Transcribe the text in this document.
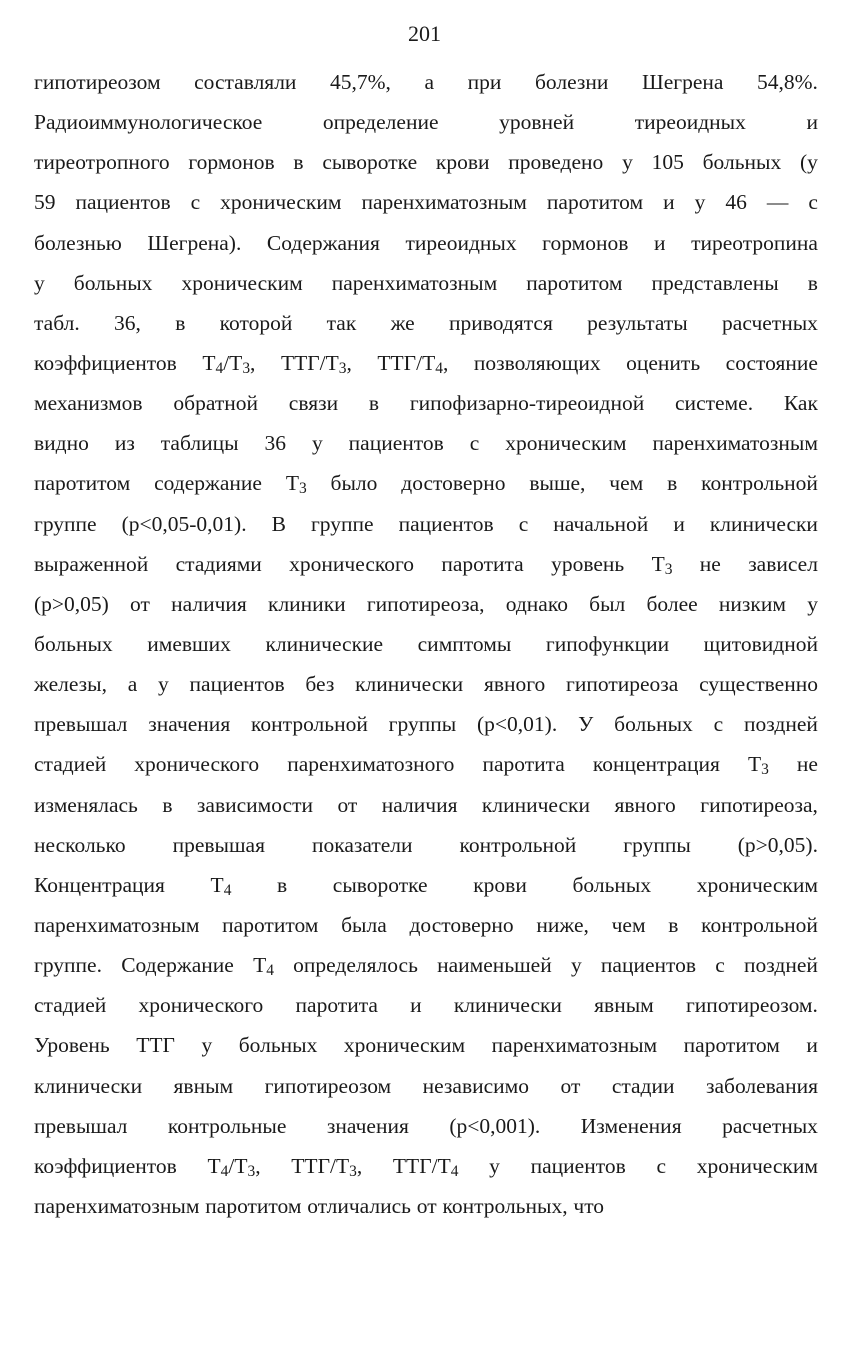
201
гипотиреозом составляли 45,7%, а при болезни Шегрена 54,8%.
Радиоиммунологическое	определение	уровней	тиреоидных	и
тиреотропного гормонов в сыворотке крови проведено у 105 больных (у
59 пациентов с хроническим паренхиматозным паротитом и у 46 — с
болезнью Шегрена). Содержания тиреоидных гормонов и тиреотропина
у больных хроническим паренхиматозным паротитом представлены в
табл. 36, в которой так же приводятся результаты расчетных
коэффициентов $Т_4/Т_3$, ТТГ/$Т_3$, ТТГ/$Т_4$, позволяющих оценить состояние
механизмов обратной связи в гипофизарно-тиреоидной системе. Как
видно из таблицы 36 у пациентов с хроническим паренхиматозным
паротитом содержание $Т_3$ было достоверно выше, чем в контрольной
группе (р<0,05-0,01). В группе пациентов с начальной и клинически
выраженной стадиями хронического паротита уровень $Т_3$ не зависел
(р>0,05) от наличия клиники гипотиреоза, однако был более низким у
больных имевших клинические симптомы гипофункции щитовидной
железы, а у пациентов без клинически явного гипотиреоза существенно
превышал значения контрольной группы (р<0,01). У больных с поздней
стадией хронического паренхиматозного паротита концентрация $Т_3$ не
изменялась в зависимости от наличия клинически явного гипотиреоза,
несколько превышая показатели контрольной группы (р>0,05).
Концентрация $Т_4$ в сыворотке крови больных хроническим
паренхиматозным паротитом была достоверно ниже, чем в контрольной
группе. Содержание $Т_4$ определялось наименьшей у пациентов с поздней
стадией хронического паротита и клинически явным гипотиреозом.
Уровень ТТГ у больных хроническим паренхиматозным паротитом и
клинически явным гипотиреозом независимо от стадии заболевания
превышал контрольные значения (р<0,001). Изменения расчетных
коэффициентов $Т_4/Т_3$, ТТГ/$Т_3$, ТТГ/$Т_4$ у пациентов с хроническим
паренхиматозным паротитом отличались от контрольных, что
